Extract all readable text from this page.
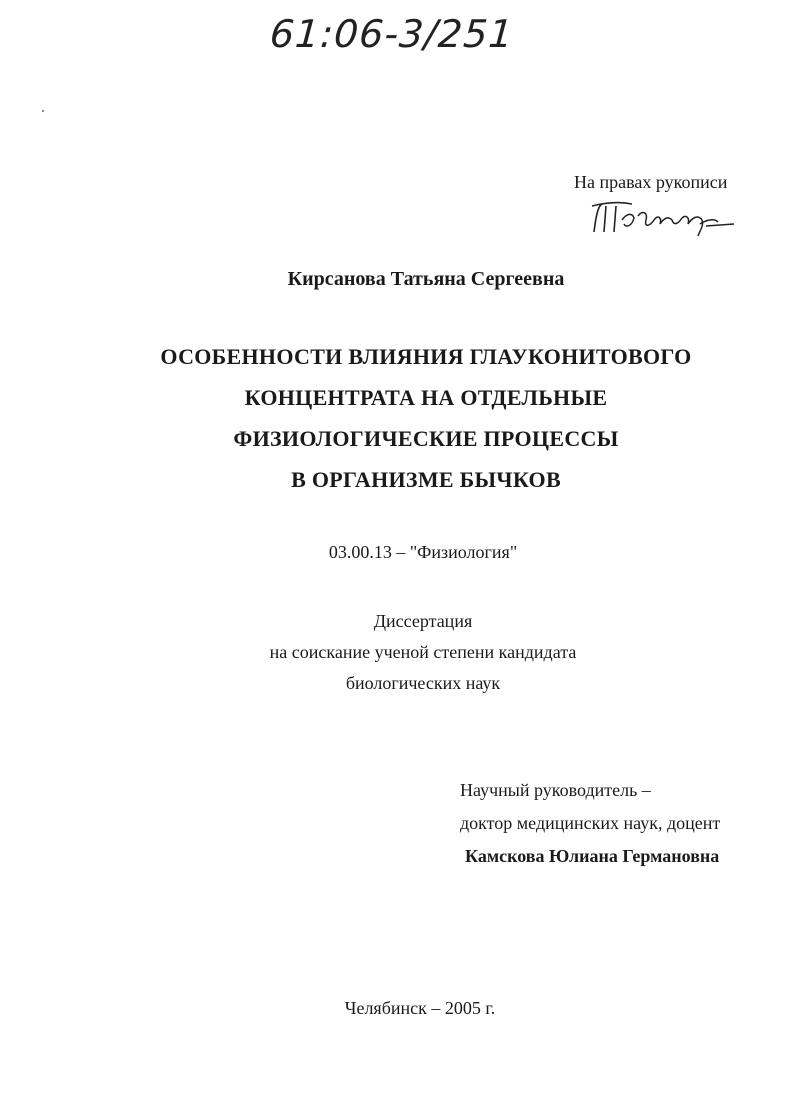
61:06-3/251
На правах рукописи
Кирсанова Татьяна Сергеевна
ОСОБЕННОСТИ ВЛИЯНИЯ ГЛАУКОНИТОВОГО
КОНЦЕНТРАТА НА ОТДЕЛЬНЫЕ
ФИЗИОЛОГИЧЕСКИЕ ПРОЦЕССЫ
В ОРГАНИЗМЕ БЫЧКОВ
03.00.13 – "Физиология"
Диссертация
на соискание ученой степени кандидата
биологических наук
Научный руководитель –
доктор медицинских наук, доцент
Камскова Юлиана Германовна
Челябинск – 2005 г.
